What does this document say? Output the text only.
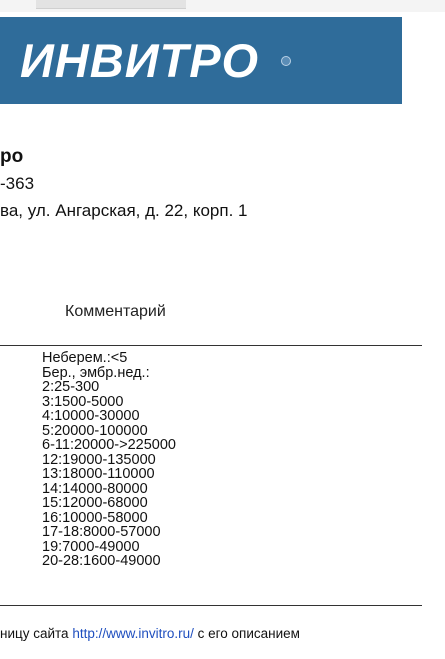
ИНВИТРО
ро
-363
ва, ул. Ангарская, д. 22, корп. 1
Комментарий
Неберем.:<5
Бер., эмбр.нед.:
2:25-300
3:1500-5000
4:10000-30000
5:20000-100000
6-11:20000->225000
12:19000-135000
13:18000-110000
14:14000-80000
15:12000-68000
16:10000-58000
17-18:8000-57000
19:7000-49000
20-28:1600-49000
ницу сайта http://www.invitro.ru/ с его описанием
